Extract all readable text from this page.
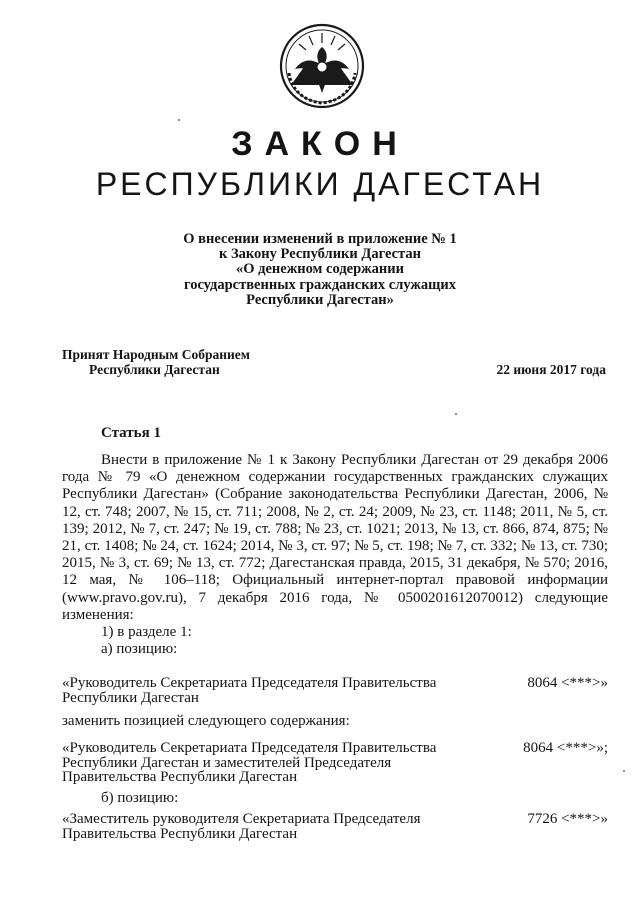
ЗАКОН
РЕСПУБЛИКИ ДАГЕСТАН
О внесении изменений в приложение № 1
к Закону Республики Дагестан
«О денежном содержании
государственных гражданских служащих
Республики Дагестан»
Принят Народным Собранием
Республики Дагестан	22 июня 2017 года
Статья 1
Внести в приложение № 1 к Закону Республики Дагестан от 29 декабря 2006 года № 79 «О денежном содержании государственных гражданских служащих Республики Дагестан» (Собрание законодательства Республики Дагестан, 2006, № 12, ст. 748; 2007, № 15, ст. 711; 2008, № 2, ст. 24; 2009, № 23, ст. 1148; 2011, № 5, ст. 139; 2012, № 7, ст. 247; № 19, ст. 788; № 23, ст. 1021; 2013, № 13, ст. 866, 874, 875; № 21, ст. 1408; № 24, ст. 1624; 2014, № 3, ст. 97; № 5, ст. 198; № 7, ст. 332; № 13, ст. 730; 2015, № 3, ст. 69; № 13, ст. 772; Дагестанская правда, 2015, 31 декабря, № 570; 2016, 12 мая, № 106–118; Официальный интернет-портал правовой информации (www.pravo.gov.ru), 7 декабря 2016 года, № 0500201612070012) следующие изменения:
1) в разделе 1:
а) позицию:
«Руководитель Секретариата Председателя Правительства Республики Дагестан
8064 <***>»
заменить позицией следующего содержания:
«Руководитель Секретариата Председателя Правительства Республики Дагестан и заместителей Председателя Правительства Республики Дагестан
8064 <***>»;
б) позицию:
«Заместитель руководителя Секретариата Председателя Правительства Республики Дагестан
7726 <***>»
